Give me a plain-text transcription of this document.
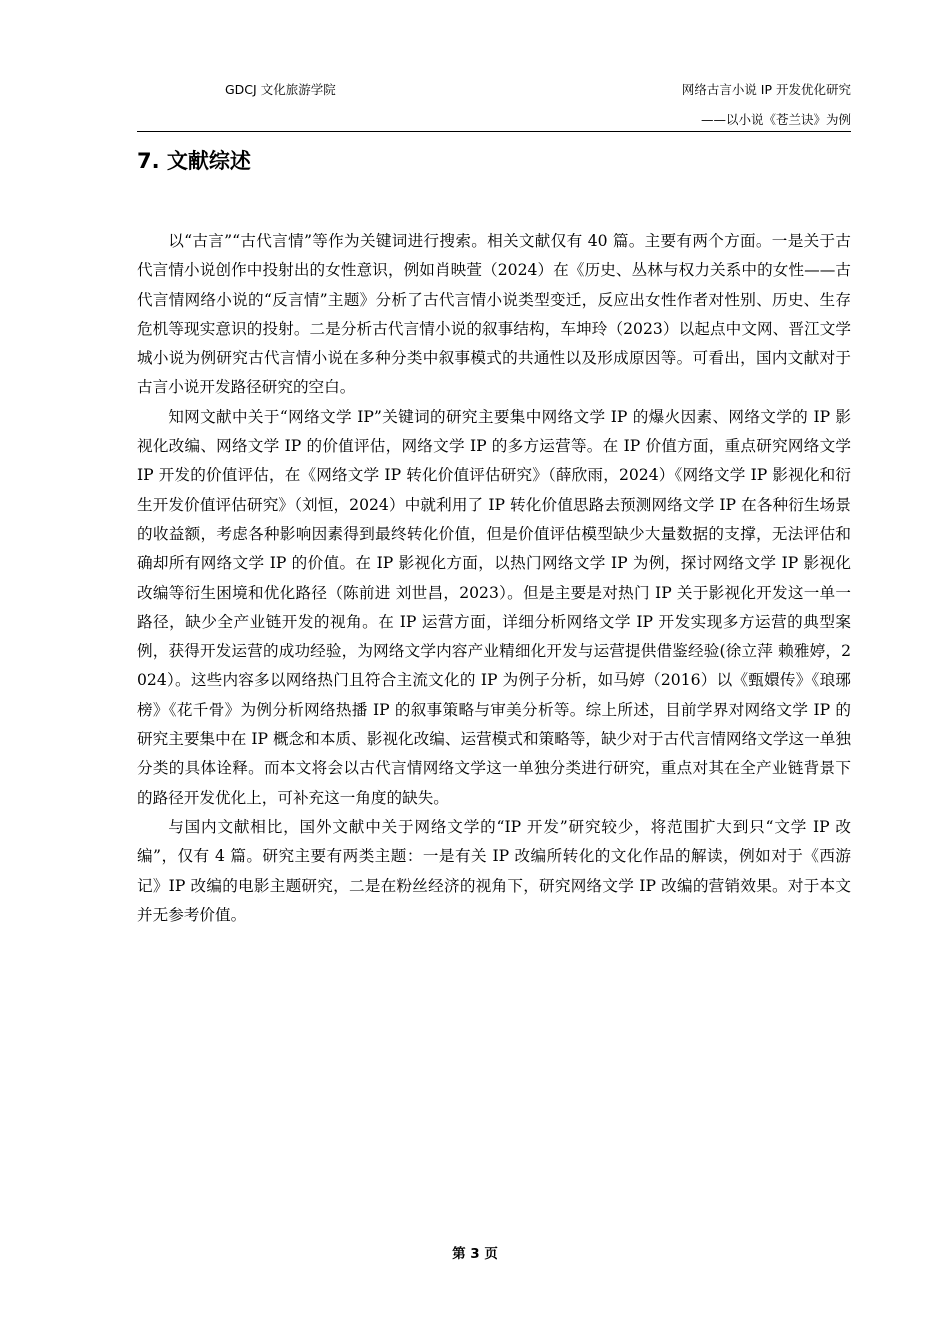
GDCJ 文化旅游学院	网络古言小说 IP 开发优化研究
——以小说《苍兰诀》为例
7. 文献综述

以“古言”“古代言情”等作为关键词进行搜索。相关文献仅有 40 篇。主要有两个方面。一是关于古代言情小说创作中投射出的女性意识，例如肖映萱（2024）在《历史、丛林与权力关系中的女性——古代言情网络小说的“反言情”主题》分析了古代言情小说类型变迁，反应出女性作者对性别、历史、生存危机等现实意识的投射。二是分析古代言情小说的叙事结构，车坤玲（2023）以起点中文网、晋江文学城小说为例研究古代言情小说在多种分类中叙事模式的共通性以及形成原因等。可看出，国内文献对于古言小说开发路径研究的空白。

知网文献中关于“网络文学 IP”关键词的研究主要集中网络文学 IP 的爆火因素、网络文学的 IP 影视化改编、网络文学 IP 的价值评估，网络文学 IP 的多方运营等。在 IP 价值方面，重点研究网络文学 IP 开发的价值评估，在《网络文学 IP 转化价值评估研究》（薛欣雨，2024）《网络文学 IP 影视化和衍生开发价值评估研究》（刘恒，2024）中就利用了 IP 转化价值思路去预测网络文学 IP 在各种衍生场景的收益额，考虑各种影响因素得到最终转化价值，但是价值评估模型缺少大量数据的支撑，无法评估和确却所有网络文学 IP 的价值。在 IP 影视化方面，以热门网络文学 IP 为例，探讨网络文学 IP 影视化改编等衍生困境和优化路径（陈前进 刘世昌，2023）。但是主要是对热门 IP 关于影视化开发这一单一路径，缺少全产业链开发的视角。在 IP 运营方面，详细分析网络文学 IP 开发实现多方运营的典型案例，获得开发运营的成功经验，为网络文学内容产业精细化开发与运营提供借鉴经验(徐立萍 赖雅婷，2024）。这些内容多以网络热门且符合主流文化的 IP 为例子分析，如马婷（2016）以《甄嬛传》《琅琊榜》《花千骨》为例分析网络热播 IP 的叙事策略与审美分析等。综上所述，目前学界对网络文学 IP 的研究主要集中在 IP 概念和本质、影视化改编、运营模式和策略等，缺少对于古代言情网络文学这一单独分类的具体诠释。而本文将会以古代言情网络文学这一单独分类进行研究，重点对其在全产业链背景下的路径开发优化上，可补充这一角度的缺失。

与国内文献相比，国外文献中关于网络文学的“IP 开发”研究较少，将范围扩大到只“文学 IP 改编”，仅有 4 篇。研究主要有两类主题：一是有关 IP 改编所转化的文化作品的解读，例如对于《西游记》IP 改编的电影主题研究，二是在粉丝经济的视角下，研究网络文学 IP 改编的营销效果。对于本文并无参考价值。

第 3 页
